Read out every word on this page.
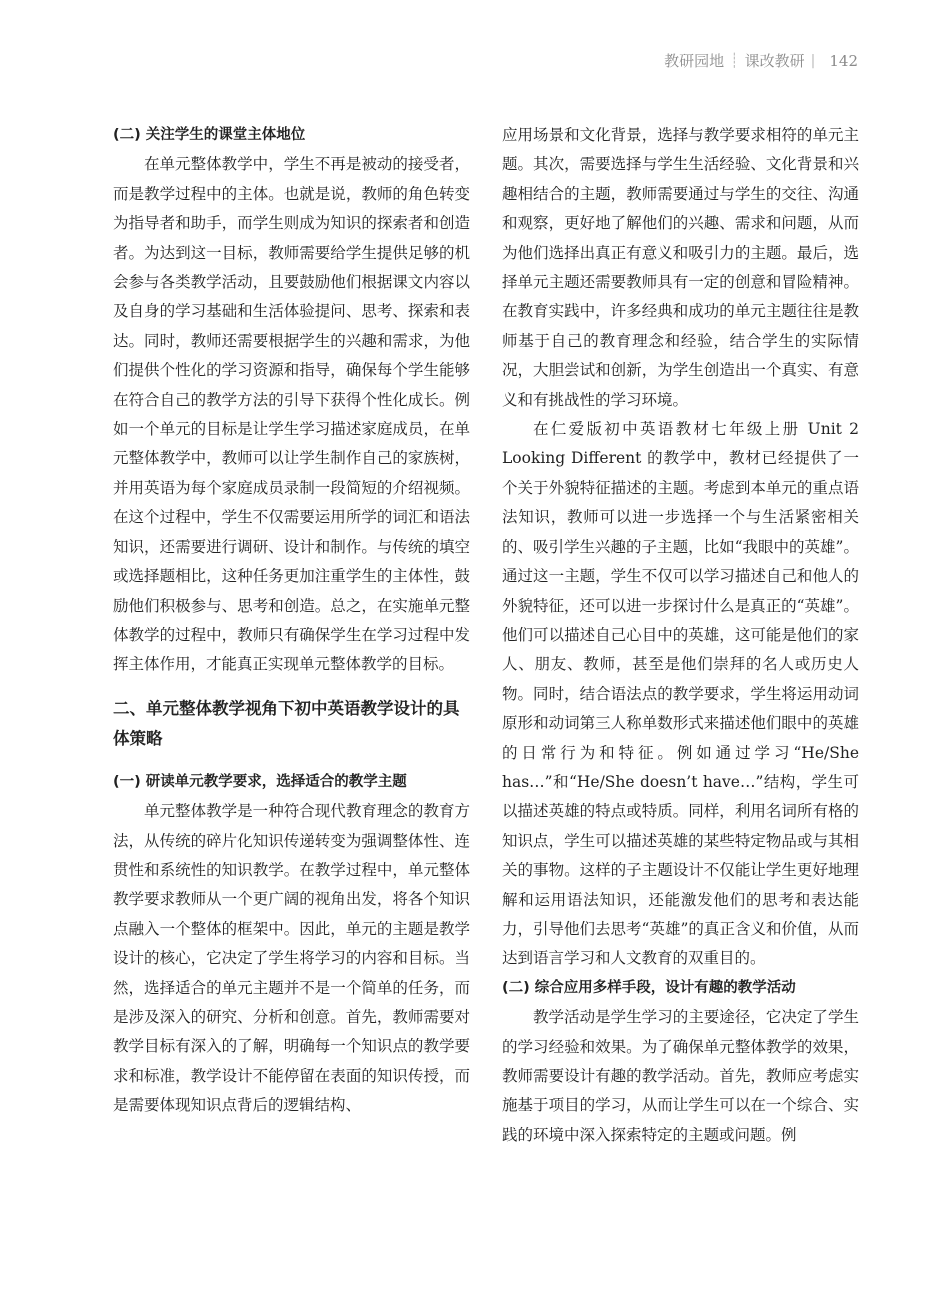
教研园地 ┊ 课改教研 | 142
(二) 关注学生的课堂主体地位

在单元整体教学中，学生不再是被动的接受者，而是教学过程中的主体。也就是说，教师的角色转变为指导者和助手，而学生则成为知识的探索者和创造者。为达到这一目标，教师需要给学生提供足够的机会参与各类教学活动，且要鼓励他们根据课文内容以及自身的学习基础和生活体验提问、思考、探索和表达。同时，教师还需要根据学生的兴趣和需求，为他们提供个性化的学习资源和指导，确保每个学生能够在符合自己的教学方法的引导下获得个性化成长。例如一个单元的目标是让学生学习描述家庭成员，在单元整体教学中，教师可以让学生制作自己的家族树，并用英语为每个家庭成员录制一段简短的介绍视频。在这个过程中，学生不仅需要运用所学的词汇和语法知识，还需要进行调研、设计和制作。与传统的填空或选择题相比，这种任务更加注重学生的主体性，鼓励他们积极参与、思考和创造。总之，在实施单元整体教学的过程中，教师只有确保学生在学习过程中发挥主体作用，才能真正实现单元整体教学的目标。

二、单元整体教学视角下初中英语教学设计的具体策略
(一) 研读单元教学要求，选择适合的教学主题

单元整体教学是一种符合现代教育理念的教育方法，从传统的碎片化知识传递转变为强调整体性、连贯性和系统性的知识教学。在教学过程中，单元整体教学要求教师从一个更广阔的视角出发，将各个知识点融入一个整体的框架中。因此，单元的主题是教学设计的核心，它决定了学生将学习的内容和目标。当然，选择适合的单元主题并不是一个简单的任务，而是涉及深入的研究、分析和创意。首先，教师需要对教学目标有深入的了解，明确每一个知识点的教学要求和标准，教学设计不能停留在表面的知识传授，而是需要体现知识点背后的逻辑结构、

应用场景和文化背景，选择与教学要求相符的单元主题。其次，需要选择与学生生活经验、文化背景和兴趣相结合的主题，教师需要通过与学生的交往、沟通和观察，更好地了解他们的兴趣、需求和问题，从而为他们选择出真正有意义和吸引力的主题。最后，选择单元主题还需要教师具有一定的创意和冒险精神。在教育实践中，许多经典和成功的单元主题往往是教师基于自己的教育理念和经验，结合学生的实际情况，大胆尝试和创新，为学生创造出一个真实、有意义和有挑战性的学习环境。

在仁爱版初中英语教材七年级上册 Unit 2 Looking Different 的教学中，教材已经提供了一个关于外貌特征描述的主题。考虑到本单元的重点语法知识，教师可以进一步选择一个与生活紧密相关的、吸引学生兴趣的子主题，比如“我眼中的英雄”。通过这一主题，学生不仅可以学习描述自己和他人的外貌特征，还可以进一步探讨什么是真正的“英雄”。他们可以描述自己心目中的英雄，这可能是他们的家人、朋友、教师，甚至是他们崇拜的名人或历史人物。同时，结合语法点的教学要求，学生将运用动词原形和动词第三人称单数形式来描述他们眼中的英雄的日常行为和特征。例如通过学习“He/She has…”和“He/She doesn’t have…”结构，学生可以描述英雄的特点或特质。同样，利用名词所有格的知识点，学生可以描述英雄的某些特定物品或与其相关的事物。这样的子主题设计不仅能让学生更好地理解和运用语法知识，还能激发他们的思考和表达能力，引导他们去思考“英雄”的真正含义和价值，从而达到语言学习和人文教育的双重目的。

(二) 综合应用多样手段，设计有趣的教学活动

教学活动是学生学习的主要途径，它决定了学生的学习经验和效果。为了确保单元整体教学的效果，教师需要设计有趣的教学活动。首先，教师应考虑实施基于项目的学习，从而让学生可以在一个综合、实践的环境中深入探索特定的主题或问题。例
